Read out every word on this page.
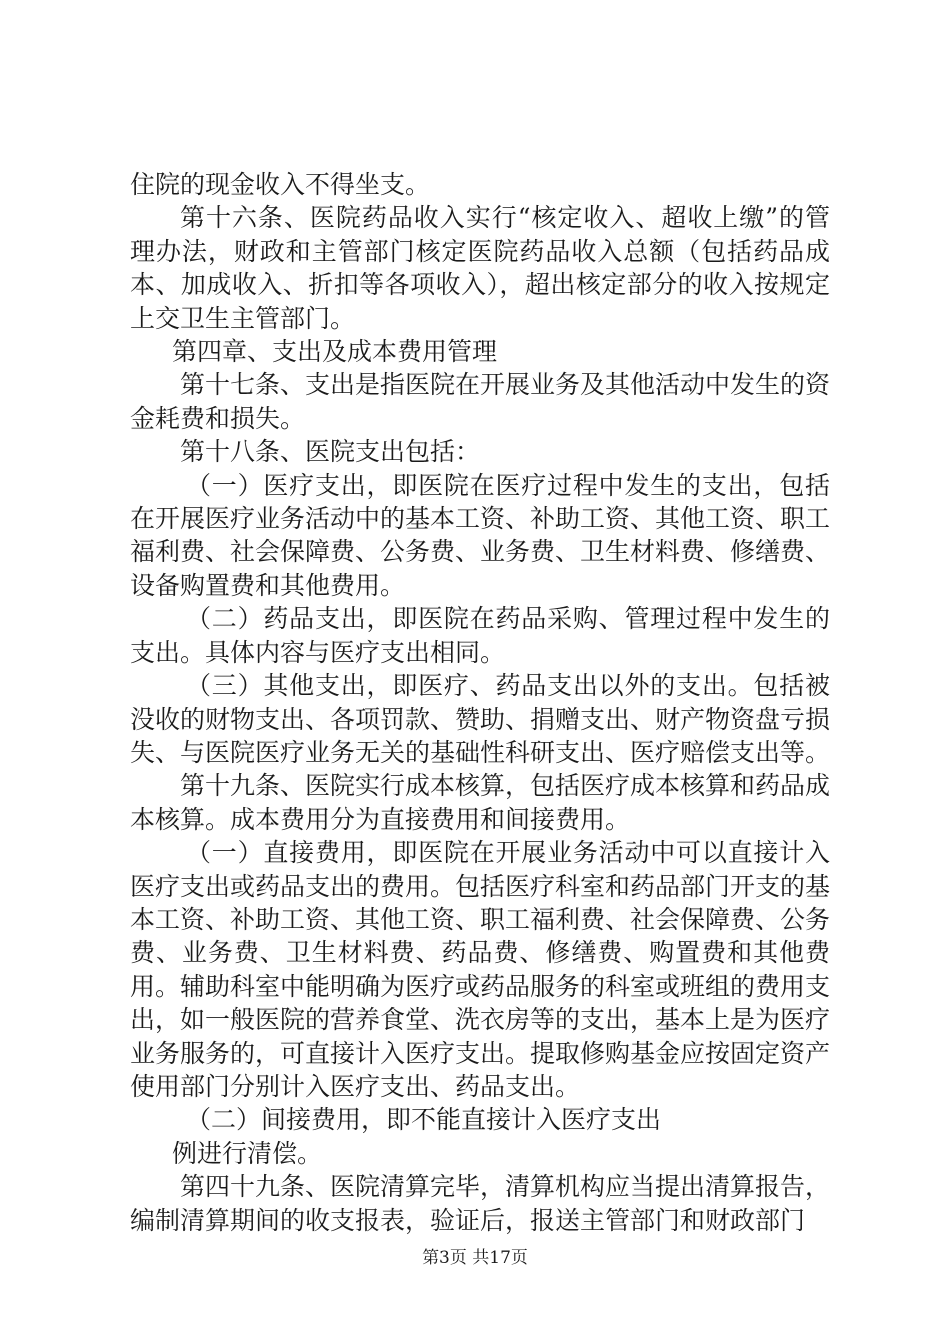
住院的现金收入不得坐支。

第十六条、医院药品收入实行“核定收入、超收上缴”的管理办法，财政和主管部门核定医院药品收入总额（包括药品成本、加成收入、折扣等各项收入），超出核定部分的收入按规定上交卫生主管部门。

第四章、支出及成本费用管理

第十七条、支出是指医院在开展业务及其他活动中发生的资金耗费和损失。

第十八条、医院支出包括：

（一）医疗支出，即医院在医疗过程中发生的支出，包括在开展医疗业务活动中的基本工资、补助工资、其他工资、职工福利费、社会保障费、公务费、业务费、卫生材料费、修缮费、设备购置费和其他费用。

（二）药品支出，即医院在药品采购、管理过程中发生的支出。具体内容与医疗支出相同。

（三）其他支出，即医疗、药品支出以外的支出。包括被没收的财物支出、各项罚款、赞助、捐赠支出、财产物资盘亏损失、与医院医疗业务无关的基础性科研支出、医疗赔偿支出等。

第十九条、医院实行成本核算，包括医疗成本核算和药品成本核算。成本费用分为直接费用和间接费用。

（一）直接费用，即医院在开展业务活动中可以直接计入医疗支出或药品支出的费用。包括医疗科室和药品部门开支的基本工资、补助工资、其他工资、职工福利费、社会保障费、公务费、业务费、卫生材料费、药品费、修缮费、购置费和其他费用。辅助科室中能明确为医疗或药品服务的科室或班组的费用支出，如一般医院的营养食堂、洗衣房等的支出，基本上是为医疗业务服务的，可直接计入医疗支出。提取修购基金应按固定资产使用部门分别计入医疗支出、药品支出。

（二）间接费用，即不能直接计入医疗支出

例进行清偿。

第四十九条、医院清算完毕，清算机构应当提出清算报告，编制清算期间的收支报表，验证后，报送主管部门和财政部门

第3页 共17页
